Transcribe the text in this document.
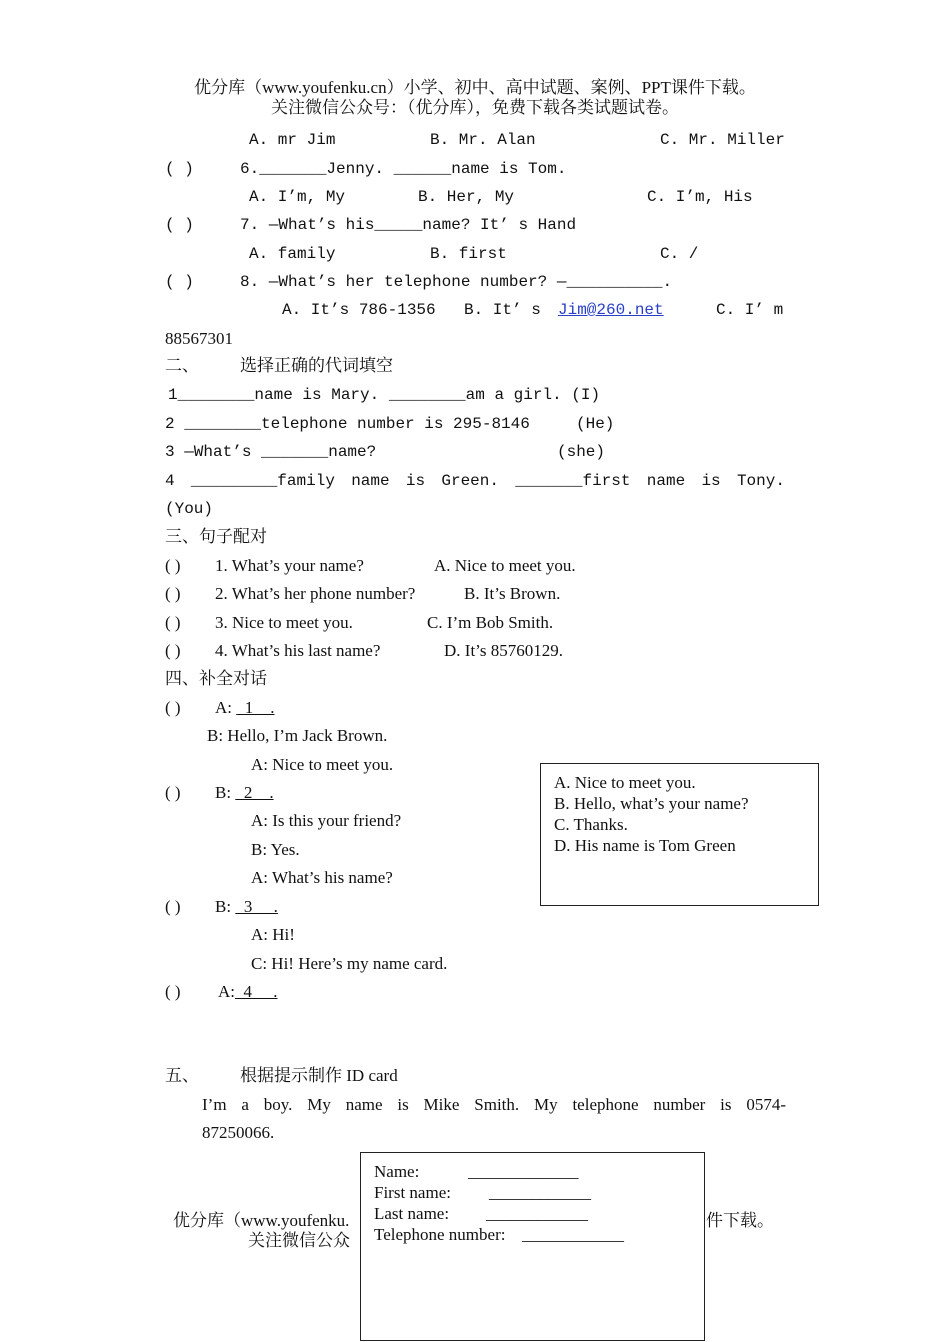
优分库（www.youfenku.cn）小学、初中、高中试题、案例、PPT课件下载。
关注微信公众号：（优分库），免费下载各类试题试卷。
A. mr Jim	B. Mr. Alan	C. Mr. Miller
( )	6._______Jenny. ______name is Tom.
A. I’m, My	B. Her, My	C. I’m, His
( )	7. —What’s his_____name? It’ s Hand
A. family	B. first	C. /
( )	8. —What’s her telephone number? —__________.
A. It’s 786-1356 B. It’ s Jim@260.net	C. I’ m
88567301
二、 选择正确的代词填空
1________name is Mary. ________am a girl. (I)
2 ________telephone number is 295-8146	(He)
3 —What’s _______name?	(she)
4 _________family name is Green. _______first name is Tony.
(You)
三、句子配对
( ) 1. What’s your name?	A. Nice to meet you.
( ) 2. What’s her phone number?	B. It’s Brown.
( ) 3. Nice to meet you.	C. I’m Bob Smith.
( ) 4. What’s his last name?	D. It’s 85760129.
四、补全对话
( ) A:   1    .
B: Hello, I’m Jack Brown.
A: Nice to meet you.
( ) B:   2    .
A: Is this your friend?
B: Yes.
A: What’s his name?
( ) B:   3     .
A: Hi!
C: Hi! Here’s my name card.
( ) A:  4     .
A. Nice to meet you.
B. Hello, what’s your name?
C. Thanks.
D. His name is Tom Green
五、 根据提示制作 ID card
I’m a boy. My name is Mike Smith. My telephone number is 0574-
87250066.
优分库（www.youfenku.	件下载。
关注微信公众
Name:	_____________
First name: ____________
Last name: ____________
Telephone number: ____________
